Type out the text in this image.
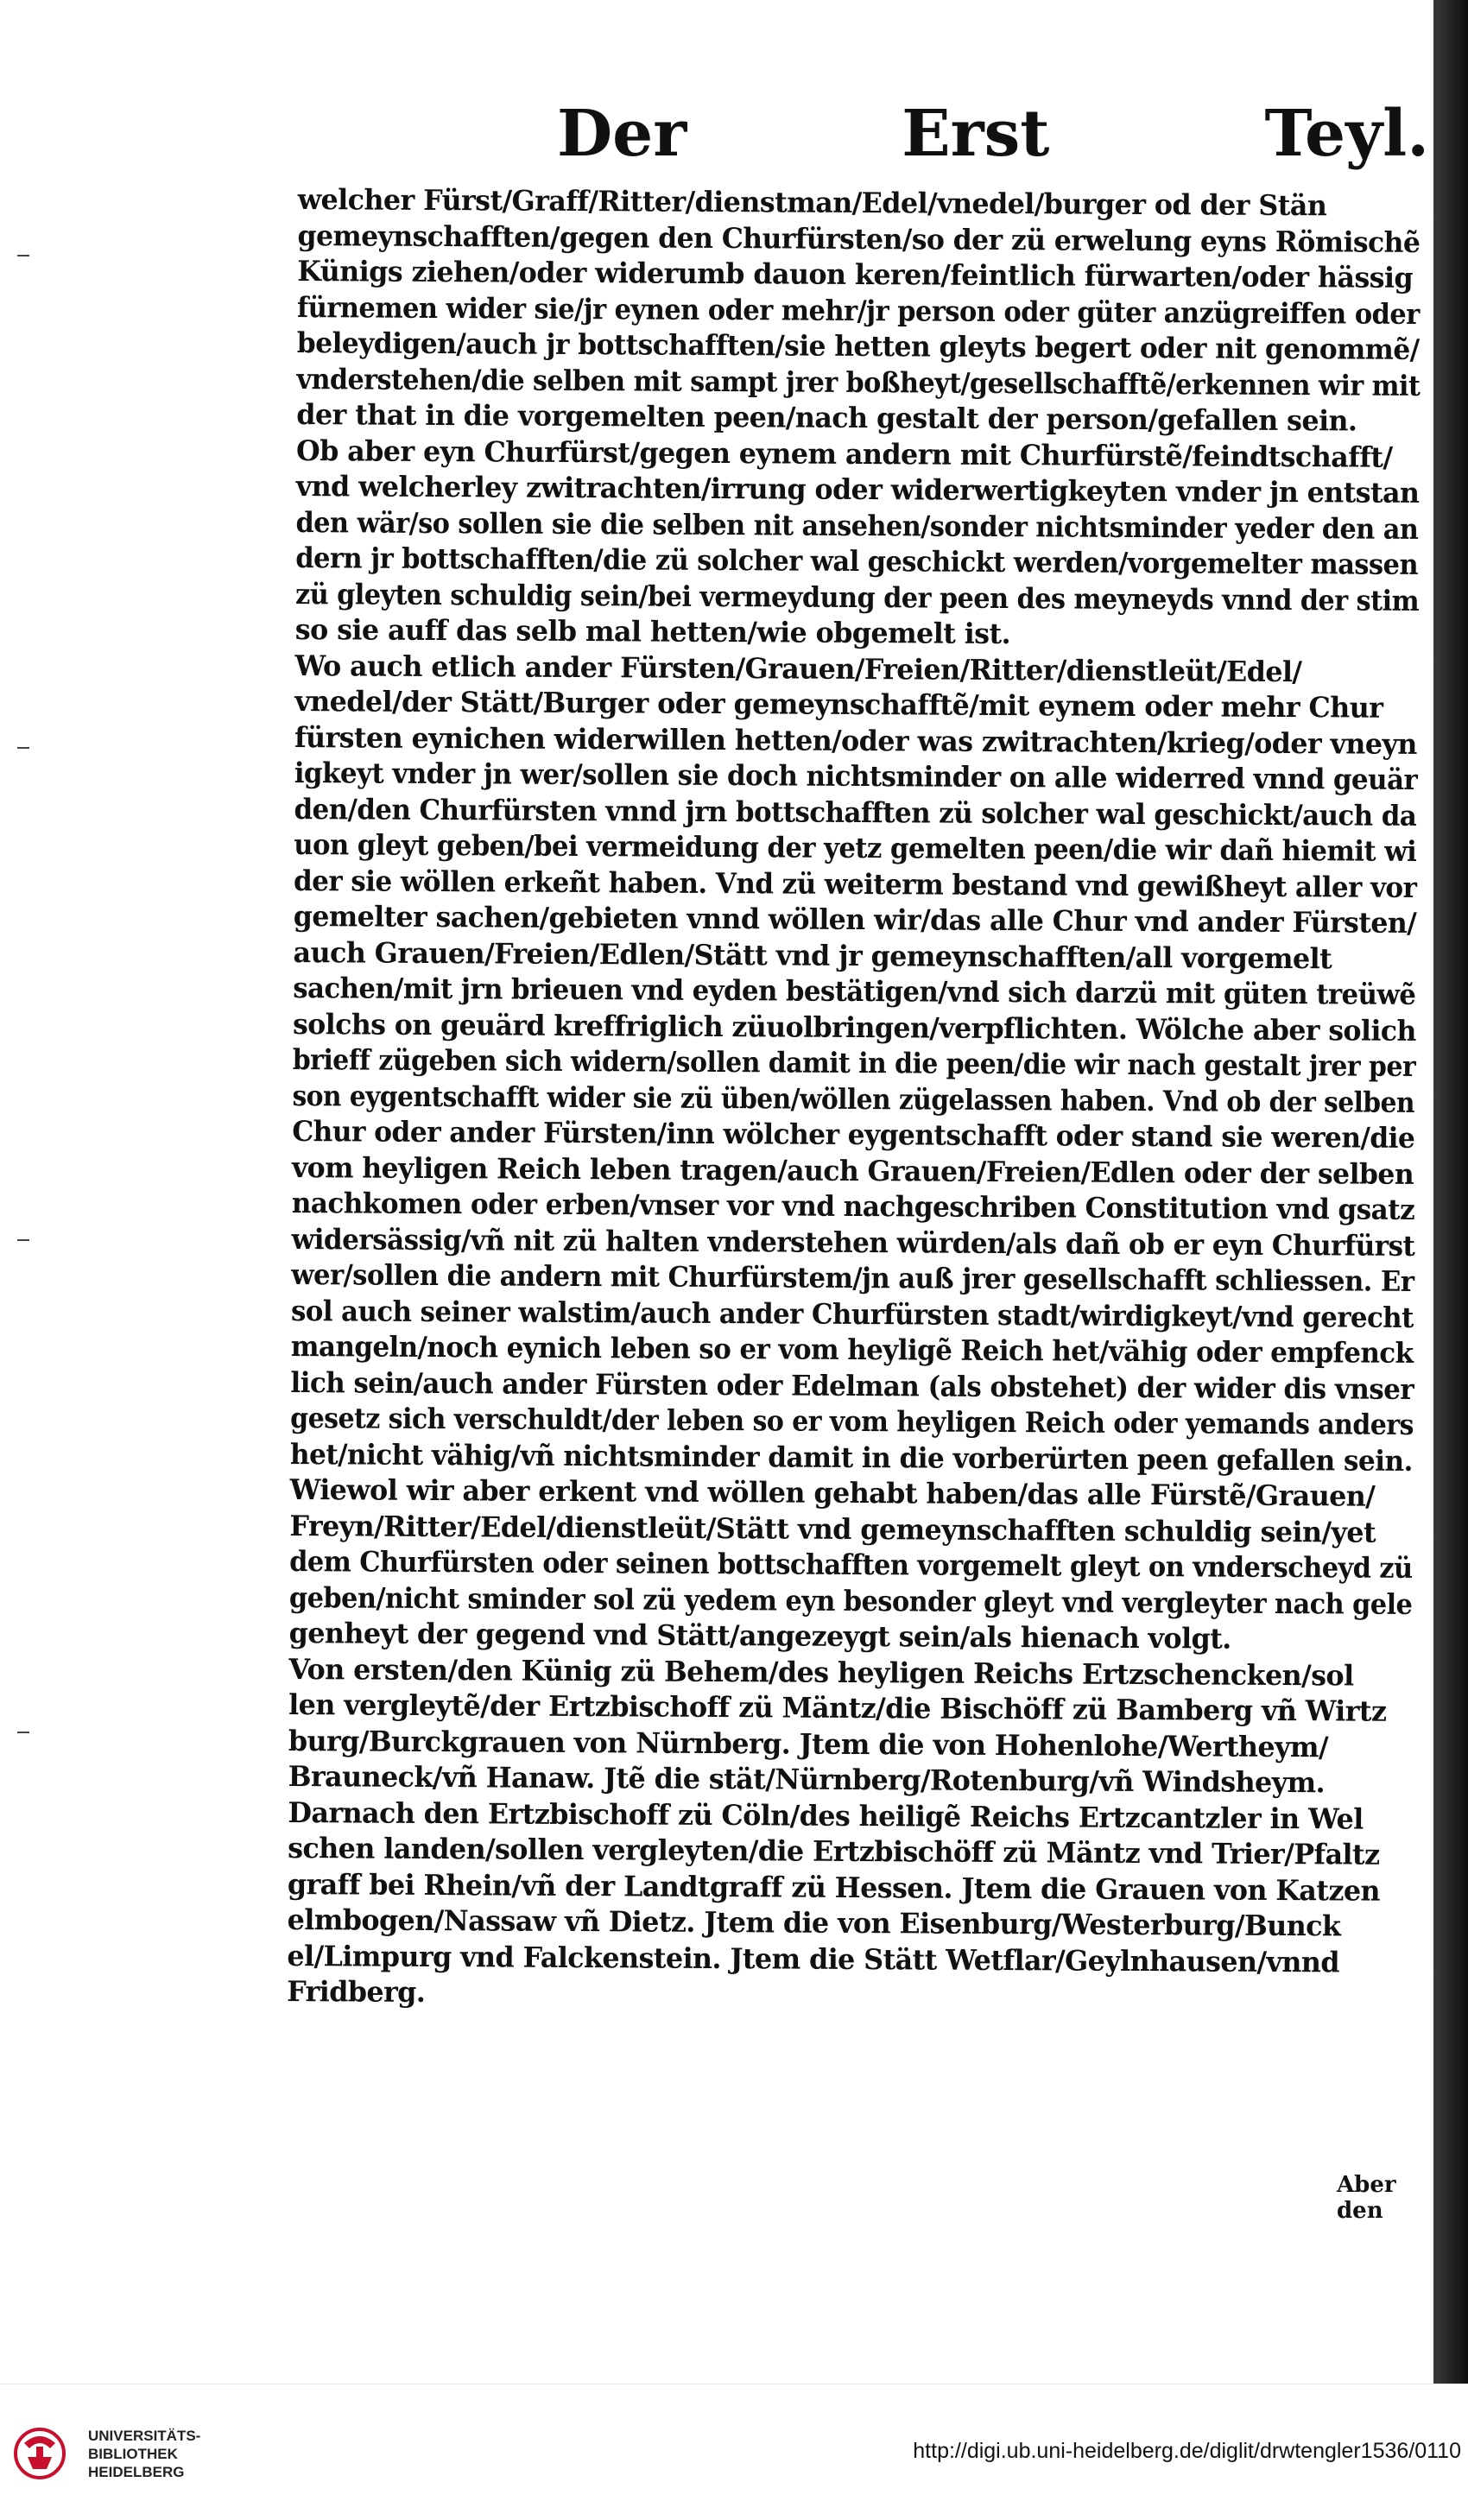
Der	Erst	Teyl.
welcher Fürst/Graff/Ritter/dienstman/Edel/vnedel/burger od der Stän
gemeynschafften/gegen den Churfürsten/so der zü erwelung eyns Römischẽ
Künigs ziehen/oder widerumb dauon keren/feintlich fürwarten/oder hässig
fürnemen wider sie/jr eynen oder mehr/jr person oder güter anzügreiffen oder
beleydigen/auch jr bottschafften/sie hetten gleyts begert oder nit genommẽ/
vnderstehen/die selben mit sampt jrer boßheyt/gesellschafftẽ/erkennen wir mit
der that in die vorgemelten peen/nach gestalt der person/gefallen sein.
Ob aber eyn Churfürst/gegen eynem andern mit Churfürstẽ/feindtschafft/
vnd welcherley zwitrachten/irrung oder widerwertigkeyten vnder jn entstan
den wär/so sollen sie die selben nit ansehen/sonder nichtsminder yeder den an
dern jr bottschafften/die zü solcher wal geschickt werden/vorgemelter massen
zü gleyten schuldig sein/bei vermeydung der peen des meyneyds vnnd der stim
so sie auff das selb mal hetten/wie obgemelt ist.
Wo auch etlich ander Fürsten/Grauen/Freien/Ritter/dienstleüt/Edel/
vnedel/der Stätt/Burger oder gemeynschafftẽ/mit eynem oder mehr Chur
fürsten eynichen widerwillen hetten/oder was zwitrachten/krieg/oder vneyn
igkeyt vnder jn wer/sollen sie doch nichtsminder on alle widerred vnnd geuär
den/den Churfürsten vnnd jrn bottschafften zü solcher wal geschickt/auch da
uon gleyt geben/bei vermeidung der yetz gemelten peen/die wir dañ hiemit wi
der sie wöllen erkeñt haben. Vnd zü weiterm bestand vnd gewißheyt aller vor
gemelter sachen/gebieten vnnd wöllen wir/das alle Chur vnd ander Fürsten/
auch Grauen/Freien/Edlen/Stätt vnd jr gemeynschafften/all vorgemelt
sachen/mit jrn brieuen vnd eyden bestätigen/vnd sich darzü mit güten treüwẽ
solchs on geuärd kreffriglich züuolbringen/verpflichten. Wölche aber solich
brieff zügeben sich widern/sollen damit in die peen/die wir nach gestalt jrer per
son eygentschafft wider sie zü üben/wöllen zügelassen haben. Vnd ob der selben
Chur oder ander Fürsten/inn wölcher eygentschafft oder stand sie weren/die
vom heyligen Reich leben tragen/auch Grauen/Freien/Edlen oder der selben
nachkomen oder erben/vnser vor vnd nachgeschriben Constitution vnd gsatz
widersässig/vñ nit zü halten vnderstehen würden/als dañ ob er eyn Churfürst
wer/sollen die andern mit Churfürstem/jn auß jrer gesellschafft schliessen. Er
sol auch seiner walstim/auch ander Churfürsten stadt/wirdigkeyt/vnd gerecht
mangeln/noch eynich leben so er vom heyligẽ Reich het/vähig oder empfenck
lich sein/auch ander Fürsten oder Edelman (als obstehet) der wider dis vnser
gesetz sich verschuldt/der leben so er vom heyligen Reich oder yemands anders
het/nicht vähig/vñ nichtsminder damit in die vorberürten peen gefallen sein.
Wiewol wir aber erkent vnd wöllen gehabt haben/das alle Fürstẽ/Grauen/
Freyn/Ritter/Edel/dienstleüt/Stätt vnd gemeynschafften schuldig sein/yet
dem Churfürsten oder seinen bottschafften vorgemelt gleyt on vnderscheyd zü
geben/nicht sminder sol zü yedem eyn besonder gleyt vnd vergleyter nach gele
genheyt der gegend vnd Stätt/angezeygt sein/als hienach volgt.
Von ersten/den Künig zü Behem/des heyligen Reichs Ertzschencken/sol
len vergleytẽ/der Ertzbischoff zü Mäntz/die Bischöff zü Bamberg vñ Wirtz
burg/Burckgrauen von Nürnberg. Jtem die von Hohenlohe/Wertheym/
Brauneck/vñ Hanaw. Jtẽ die stät/Nürnberg/Rotenburg/vñ Windsheym.
Darnach den Ertzbischoff zü Cöln/des heiligẽ Reichs Ertzcantzler in Wel
schen landen/sollen vergleyten/die Ertzbischöff zü Mäntz vnd Trier/Pfaltz
graff bei Rhein/vñ der Landtgraff zü Hessen. Jtem die Grauen von Katzen
elmbogen/Nassaw vñ Dietz. Jtem die von Eisenburg/Westerburg/Bunck
el/Limpurg vnd Falckenstein. Jtem die Stätt Wetflar/Geylnhausen/vnnd
Fridberg.
Aber den
UNIVERSITÄTS-
BIBLIOTHEK
HEIDELBERG
http://digi.ub.uni-heidelberg.de/diglit/drwtengler1536/0110
